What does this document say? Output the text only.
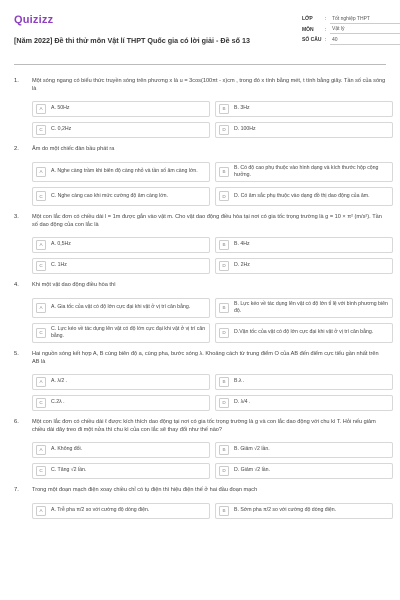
Quizizz
[Năm 2022] Đề thi thử môn Vật lí THPT Quốc gia có lời giải - Đề số 13
LỚP	:	Tốt nghiệp THPT
MÔN	:	Vật lý
SỐ CÂU :	40
1. Một sóng ngang có biểu thức truyền sóng trên phương x là u = 3cos(100πt - x)cm , trong đó x tính bằng mét, t tính bằng giây. Tần số của sóng là
A	A. 50Hz	B	B. 3Hz
C	C. 0,2Hz	D	D. 100Hz
2. Âm do một chiếc đàn bầu phát ra
A	A. Nghe càng trầm khi biên độ càng nhỏ và tần số âm càng lớn.	B
B. Có độ cao phụ thuộc vào hình dạng và kích thước hộp cộng hưởng.
C	C. Nghe càng cao khi mức cường độ âm càng lớn.	D	D. Có âm sắc phụ thuộc vào dạng đồ thị dao động của âm.
3. Một con lắc đơn có chiều dài l = 1m được gắn vào vật m. Cho vật dao động điều hòa tại nơi có gia tốc trọng trường là g = 10 × π² (m/s²). Tần số dao động của con lắc là
A	A. 0,5Hz	B	B. 4Hz
C	C. 1Hz	D	D. 2Hz
4. Khi một vật dao động điều hòa thì
A	A. Gia tốc của vật có độ lớn cực đại khi vật ở vị trí cân bằng.	B
B. Lực kéo về tác dụng lên vật có độ lớn tỉ lệ với bình phương biên độ.
C
C. Lực kéo về tác dụng lên vật có độ lớn cực đại khi vật ở vị trí cân bằng.	D	D.Vận tốc của vật có độ lớn cực đại khi vật ở vị trí cân bằng.
5. Hai nguồn sóng kết hợp A, B cùng biên độ a, cùng pha, bước sóng λ. Khoảng cách từ trung điểm O của AB đến điểm cực tiểu gần nhất trên AB là
A	A. λ/2 .	B	B.λ .
C	C.2λ .	D	D. λ/4 .
6. Một con lắc đơn có chiều dài ℓ được kích thích dao động tại nơi có gia tốc trọng trường là g và con lắc dao động với chu kì T. Hỏi nếu giảm chiều dài dây treo đi một nửa thì chu kì của con lắc sẽ thay đổi như thế nào?
A	A. Không đổi.	B	B. Giảm √2 lần.
C	C. Tăng √2 lần.	D	D. Giảm √2 lần.
7. Trong một đoạn mạch điện xoay chiều chỉ có tụ điện thì hiệu điện thế ở hai đầu đoạn mạch
A	A. Trễ pha π/2 so với cường độ dòng điện.	B	B. Sớm pha π/2 so với cường độ dòng điện.
